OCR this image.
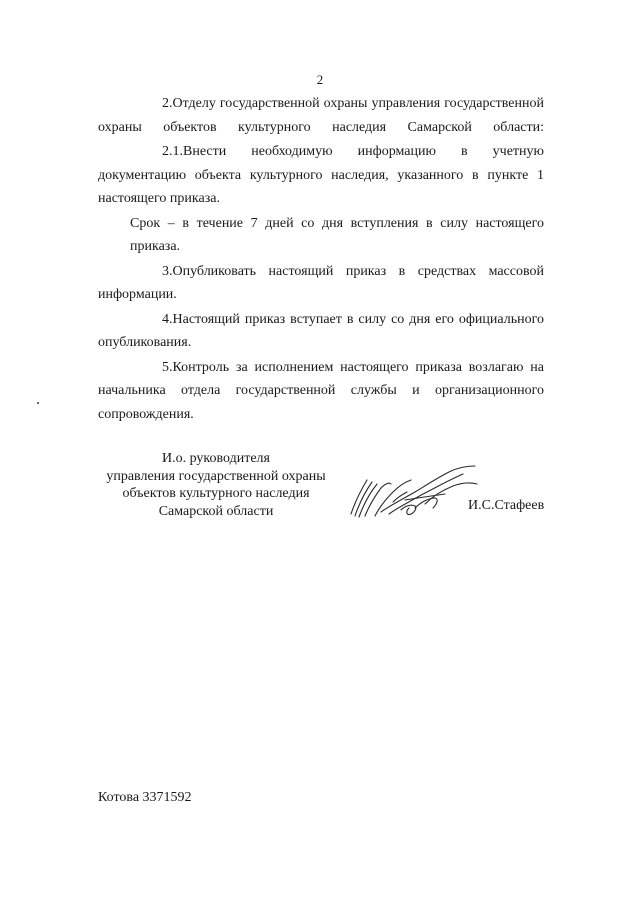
2

2.Отделу государственной охраны управления государственной охраны объектов культурного наследия Самарской области:

2.1.Внести необходимую информацию в учетную документацию объекта культурного наследия, указанного в пункте 1 настоящего приказа.

Срок – в течение 7 дней со дня вступления в силу настоящего приказа.

3.Опубликовать настоящий приказ в средствах массовой информации.

4.Настоящий приказ вступает в силу со дня его официального опубликования.

5.Контроль за исполнением настоящего приказа возлагаю на начальника отдела государственной службы и организационного сопровождения.

И.о. руководителя
управления государственной охраны
объектов культурного наследия
Самарской области	И.С.Стафеев
Котова 3371592
